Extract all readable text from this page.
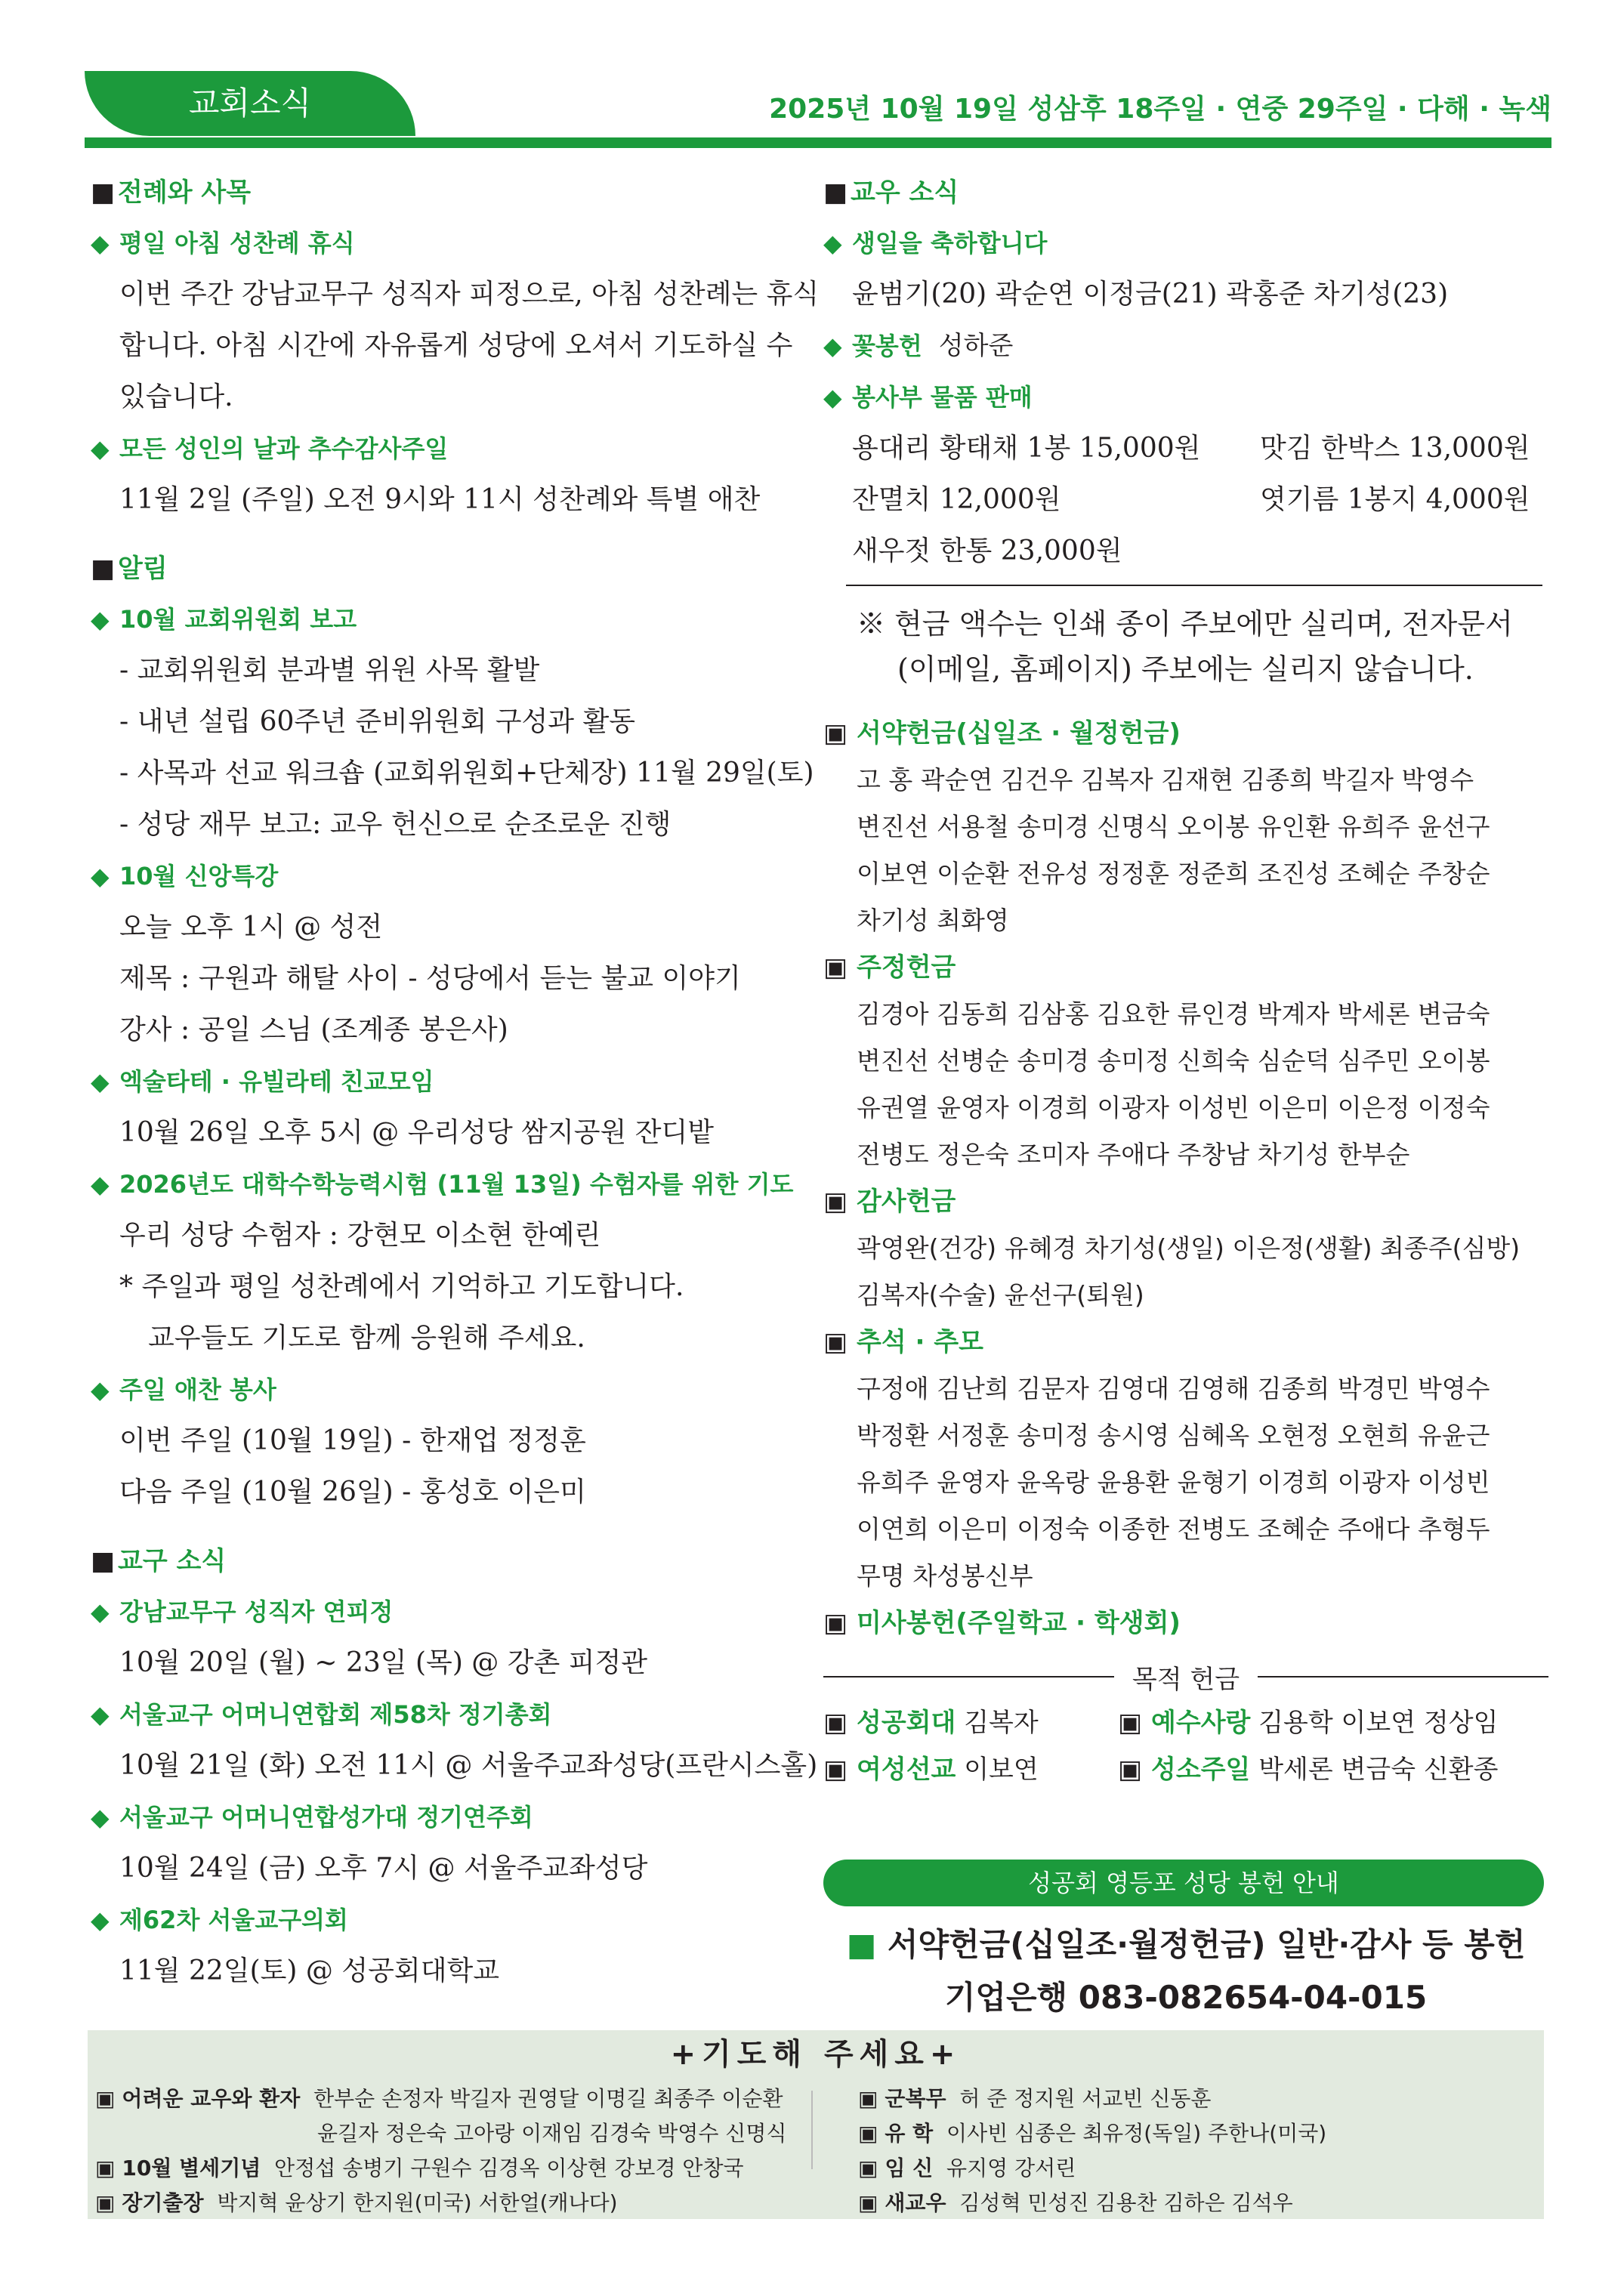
교회소식	2025년 10월 19일 성삼후 18주일 · 연중 29주일 · 다해 · 녹색
■ 전례와 사목
◆ 평일 아침 성찬례 휴식
이번 주간 강남교무구 성직자 피정으로, 아침 성찬례는 휴식
합니다. 아침 시간에 자유롭게 성당에 오셔서 기도하실 수
있습니다.
◆ 모든 성인의 날과 추수감사주일
11월 2일 (주일) 오전 9시와 11시 성찬례와 특별 애찬
■ 알림
◆ 10월 교회위원회 보고
- 교회위원회 분과별 위원 사목 활발
- 내년 설립 60주년 준비위원회 구성과 활동
- 사목과 선교 워크숍 (교회위원회+단체장) 11월 29일(토)
- 성당 재무 보고: 교우 헌신으로 순조로운 진행
◆ 10월 신앙특강
오늘 오후 1시 @ 성전
제목 : 구원과 해탈 사이 - 성당에서 듣는 불교 이야기
강사 : 공일 스님 (조계종 봉은사)
◆ 엑술타테 · 유빌라테 친교모임
10월 26일 오후 5시 @ 우리성당 쌈지공원 잔디밭
◆ 2026년도 대학수학능력시험 (11월 13일) 수험자를 위한 기도
우리 성당 수험자 : 강현모 이소현 한예린
* 주일과 평일 성찬례에서 기억하고 기도합니다.
교우들도 기도로 함께 응원해 주세요.
◆ 주일 애찬 봉사
이번 주일 (10월 19일) - 한재업 정정훈
다음 주일 (10월 26일) - 홍성호 이은미
■ 교구 소식
◆ 강남교무구 성직자 연피정
10월 20일 (월) ~ 23일 (목) @ 강촌 피정관
◆ 서울교구 어머니연합회 제58차 정기총회
10월 21일 (화) 오전 11시 @ 서울주교좌성당(프란시스홀)
◆ 서울교구 어머니연합성가대 정기연주회
10월 24일 (금) 오후 7시 @ 서울주교좌성당
◆ 제62차 서울교구의회
11월 22일(토) @ 성공회대학교
■ 교우 소식
◆ 생일을 축하합니다
윤범기(20) 곽순연 이정금(21) 곽홍준 차기성(23)
◆ 꽃봉헌 성하준
◆ 봉사부 물품 판매
용대리 황태채 1봉 15,000원	맛김 한박스 13,000원
잔멸치 12,000원	엿기름 1봉지 4,000원
새우젓 한통 23,000원
※ 현금 액수는 인쇄 종이 주보에만 실리며, 전자문서
(이메일, 홈페이지) 주보에는 실리지 않습니다.
▣ 서약헌금(십일조 · 월정헌금)
고 홍 곽순연 김건우 김복자 김재현 김종희 박길자 박영수
변진선 서용철 송미경 신명식 오이봉 유인환 유희주 윤선구
이보연 이순환 전유성 정정훈 정준희 조진성 조혜순 주창순
차기성 최화영
▣ 주정헌금
김경아 김동희 김삼홍 김요한 류인경 박계자 박세론 변금숙
변진선 선병순 송미경 송미정 신희숙 심순덕 심주민 오이봉
유권열 윤영자 이경희 이광자 이성빈 이은미 이은정 이정숙
전병도 정은숙 조미자 주애다 주창남 차기성 한부순
▣ 감사헌금
곽영완(건강) 유혜경 차기성(생일) 이은정(생활) 최종주(심방)
김복자(수술) 윤선구(퇴원)
▣ 추석 · 추모
구정애 김난희 김문자 김영대 김영해 김종희 박경민 박영수
박정환 서정훈 송미정 송시영 심혜옥 오현정 오현희 유윤근
유희주 윤영자 윤옥랑 윤용환 윤형기 이경희 이광자 이성빈
이연희 이은미 이정숙 이종한 전병도 조혜순 주애다 추형두
무명 차성봉신부
▣ 미사봉헌(주일학교 · 학생회)
목적 헌금
▣ 성공회대 김복자	▣ 예수사랑 김용학 이보연 정상임
▣ 여성선교 이보연	▣ 성소주일 박세론 변금숙 신환종
성공회 영등포 성당 봉헌 안내
■ 서약헌금(십일조·월정헌금) 일반·감사 등 봉헌
기업은행 083-082654-04-015
+기도해 주세요+
▣ 어려운 교우와 환자 한부순 손정자 박길자 권영달 이명길 최종주 이순환
윤길자 정은숙 고아랑 이재임 김경숙 박영수 신명식
▣ 10월 별세기념 안정섭 송병기 구원수 김경옥 이상현 강보경 안창국
▣ 장기출장 박지혁 윤상기 한지원(미국) 서한얼(캐나다)
▣ 군복무 허 준 정지원 서교빈 신동훈
▣ 유 학 이사빈 심종은 최유정(독일) 주한나(미국)
▣ 임 신 유지영 강서린
▣ 새교우 김성혁 민성진 김용찬 김하은 김석우
